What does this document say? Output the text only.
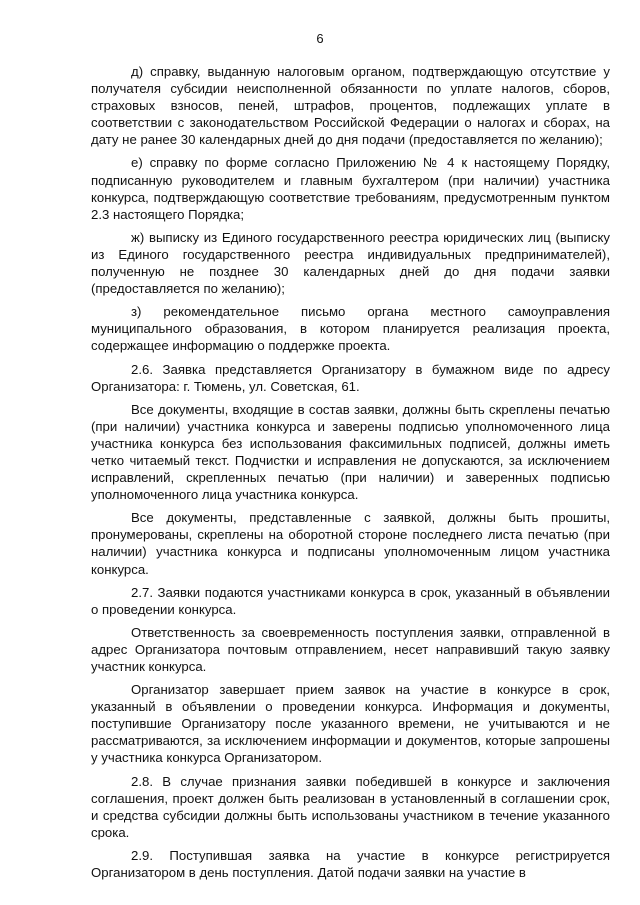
6

д) справку, выданную налоговым органом, подтверждающую отсутствие у получателя субсидии неисполненной обязанности по уплате налогов, сборов, страховых взносов, пеней, штрафов, процентов, подлежащих уплате в соответствии с законодательством Российской Федерации о налогах и сборах, на дату не ранее 30 календарных дней до дня подачи (предоставляется по желанию);

е) справку по форме согласно Приложению № 4 к настоящему Порядку, подписанную руководителем и главным бухгалтером (при наличии) участника конкурса, подтверждающую соответствие требованиям, предусмотренным пунктом 2.3 настоящего Порядка;

ж) выписку из Единого государственного реестра юридических лиц (выписку из Единого государственного реестра индивидуальных предпринимателей), полученную не позднее 30 календарных дней до дня подачи заявки (предоставляется по желанию);

з) рекомендательное письмо органа местного самоуправления муниципального образования, в котором планируется реализация проекта, содержащее информацию о поддержке проекта.

2.6. Заявка представляется Организатору в бумажном виде по адресу Организатора: г. Тюмень, ул. Советская, 61.

Все документы, входящие в состав заявки, должны быть скреплены печатью (при наличии) участника конкурса и заверены подписью уполномоченного лица участника конкурса без использования факсимильных подписей, должны иметь четко читаемый текст. Подчистки и исправления не допускаются, за исключением исправлений, скрепленных печатью (при наличии) и заверенных подписью уполномоченного лица участника конкурса.

Все документы, представленные с заявкой, должны быть прошиты, пронумерованы, скреплены на оборотной стороне последнего листа печатью (при наличии) участника конкурса и подписаны уполномоченным лицом участника конкурса.

2.7. Заявки подаются участниками конкурса в срок, указанный в объявлении о проведении конкурса.

Ответственность за своевременность поступления заявки, отправленной в адрес Организатора почтовым отправлением, несет направивший такую заявку участник конкурса.

Организатор завершает прием заявок на участие в конкурсе в срок, указанный в объявлении о проведении конкурса. Информация и документы, поступившие Организатору после указанного времени, не учитываются и не рассматриваются, за исключением информации и документов, которые запрошены у участника конкурса Организатором.

2.8. В случае признания заявки победившей в конкурсе и заключения соглашения, проект должен быть реализован в установленный в соглашении срок, и средства субсидии должны быть использованы участником в течение указанного срока.

2.9. Поступившая заявка на участие в конкурсе регистрируется Организатором в день поступления. Датой подачи заявки на участие в
